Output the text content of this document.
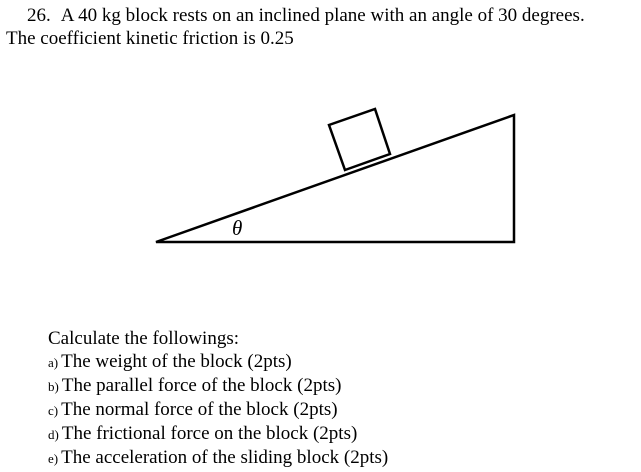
26. A 40 kg block rests on an inclined plane with an angle of 30 degrees.
The coefficient kinetic friction is 0.25
θ
Calculate the followings:
a) The weight of the block (2pts)
b) The parallel force of the block (2pts)
c) The normal force of the block (2pts)
d) The frictional force on the block (2pts)
e) The acceleration of the sliding block (2pts)
